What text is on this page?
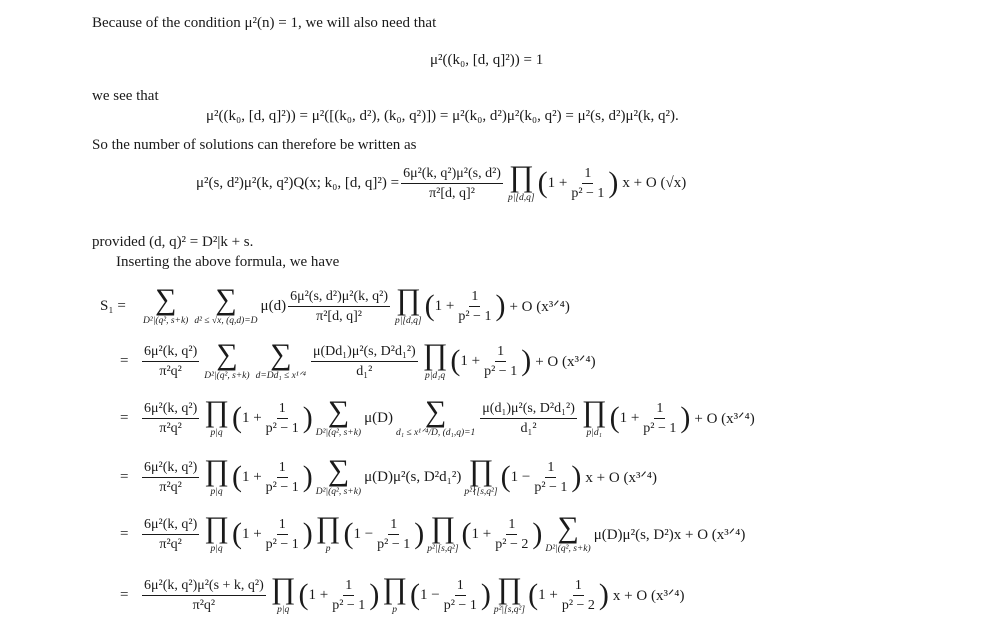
Because of the condition μ²(n) = 1, we will also need that
μ²((k₀, [d, q]²)) = 1
we see that
μ²((k₀, [d, q]²)) = μ²([(k₀, d²), (k₀, q²)]) = μ²(k₀, d²)μ²(k₀, q²) = μ²(s, d²)μ²(k, q²).
So the number of solutions can therefore be written as
μ²(s, d²)μ²(k, q²)Q(x; k₀, [d, $q]^2) = \frac{\text{6μ²(k, q²)μ²(s, d²)}}{\text{π²[d, q]²}}$ ∏
p|[d,q] ( $1 + \frac{1}{\text{p² − 1}}$ ) x + O (√x)
provided (d, q)² = D²|k + s.
Inserting the above formula, we have
S₁ = ∑
D²|(q², s+k)
∑
d² ≤ √x, (q,d)=D
$\mu(d) \frac{\text{6μ²(s, d²)μ²(k, q²)}}{\text{π²[d, q]²}}$ ∏
p|[d,q] ( $1 + \frac{1}{\text{p² − 1}}$ ) + O (x³ᐟ⁴)
= $\frac{\text{6μ²(k, q²)}}{\text{π²q²}}$ ∑
D²|(q², s+k)
∑
d=Dd₁ ≤ x¹ᐟ⁴ $\frac{\text{μ(Dd₁)μ²(s, D²d₁²)}}{\text{d₁²}}$ ∏
p|d₁q ( $1 + \frac{1}{\text{p² − 1}}$ ) + O (x³ᐟ⁴)
= $\frac{\text{6μ²(k, q²)}}{\text{π²q²}}$ ∏
p|q ( $1 + \frac{1}{\text{p² − 1}}$ ) ∑
D²|(q², s+k)
μ(D) ∑
d₁ ≤ x¹ᐟ⁴/D, $(d_1,q)=1 \frac{\text{μ(d₁)μ²(s, D²d₁²)}}{\text{d₁²}}$ ∏
p|d₁ ( $1 + \frac{1}{\text{p² − 1}}$ ) + O (x³ᐟ⁴)
= $\frac{\text{6μ²(k, q²)}}{\text{π²q²}}$ ∏
p|q ( $1 + \frac{1}{\text{p² − 1}}$ ) ∑
D²|(q², s+k)
μ(D)μ²(s, D²d₁²) ∏
p²∤[s,q²] ( $1 - \frac{1}{\text{p² − 1}}$ ) x + O (x³ᐟ⁴)
= $\frac{\text{6μ²(k, q²)}}{\text{π²q²}}$ ∏
p|q ( $1 + \frac{1}{\text{p² − 1}}$ ) ∏
p ( $1 - \frac{1}{\text{p² − 1}}$ ) ∏
p²|[s,q²] ( $1 + \frac{1}{\text{p² − 2}}$ ) ∑
D²|(q², s+k)
μ(D)μ²(s, D²)x + O (x³ᐟ⁴)
= $\frac{\text{6μ²(k, q²)μ²(s + k, q²)}}{\text{π²q²}}$ ∏
p|q ( $1 + \frac{1}{\text{p² − 1}}$ ) ∏
p ( $1 - \frac{1}{\text{p² − 1}}$ ) ∏
p²|[s,q²] ( $1 + \frac{1}{\text{p² − 2}}$ ) x + O (x³ᐟ⁴)
